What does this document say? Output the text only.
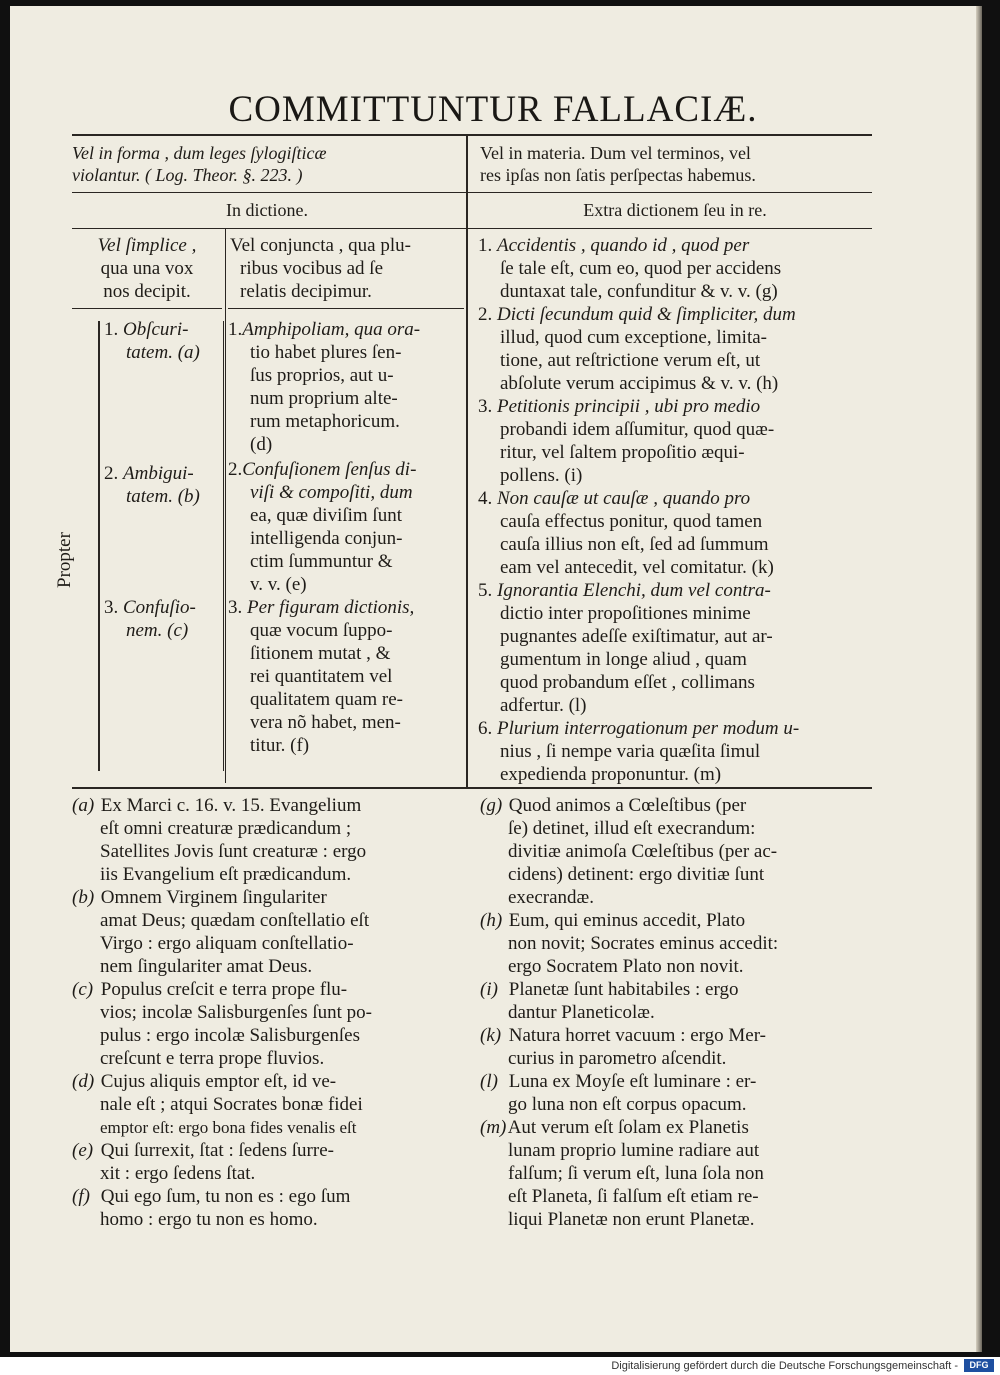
COMMITTUNTUR FALLACIÆ.
Vel in forma , dum leges ſylogiſticæ
violantur. ( Log. Theor. §. 223. )
Vel in materia. Dum vel terminos, vel
res ipſas non ſatis perſpectas habemus.
In dictione.	Extra dictionem ſeu in re.
Vel ſimplice ,
qua una vox
nos decipit.
Vel conjuncta , qua plu-
ribus vocibus ad ſe
relatis decipimur.
Propter
1. Obſcuri-
tatem. (a)
2. Ambigui-
tatem. (b)
3. Confuſio-
nem. (c)
1.Amphipoliam, qua ora-
tio habet plures ſen-
ſus proprios, aut u-
num proprium alte-
rum metaphoricum.
(d)
2.Confuſionem ſenſus di-
viſi & compoſiti, dum
ea, quæ diviſim ſunt
intelligenda conjun-
ctim ſummuntur &
v. v. (e)
3. Per figuram dictionis,
quæ vocum ſuppo-
ſitionem mutat , &
rei quantitatem vel
qualitatem quam re-
vera nõ habet, men-
titur. (f)
1. Accidentis , quando id , quod per
ſe tale eſt, cum eo, quod per accidens
duntaxat tale, confunditur & v. v. (g)
2. Dicti ſecundum quid & ſimpliciter, dum
illud, quod cum exceptione, limita-
tione, aut reſtrictione verum eſt, ut
abſolute verum accipimus & v. v. (h)
3. Petitionis principii , ubi pro medio
probandi idem aſſumitur, quod quæ-
ritur, vel ſaltem propoſitio æqui-
pollens. (i)
4. Non cauſæ ut cauſæ , quando pro
cauſa effectus ponitur, quod tamen
cauſa illius non eſt, ſed ad ſummum
eam vel antecedit, vel comitatur. (k)
5. Ignorantia Elenchi, dum vel contra-
dictio inter propoſitiones minime
pugnantes adeſſe exiſtimatur, aut ar-
gumentum in longe aliud , quam
quod probandum eſſet , collimans
adfertur. (l)
6. Plurium interrogationum per modum u-
nius , ſi nempe varia quæſita ſimul
expedienda proponuntur. (m)
(a) Ex Marci c. 16. v. 15. Evangelium
eſt omni creaturæ prædicandum ;
Satellites Jovis ſunt creaturæ : ergo
iis Evangelium eſt prædicandum.
(b) Omnem Virginem ſingulariter
amat Deus; quædam conſtellatio eſt
Virgo : ergo aliquam conſtellatio-
nem ſingulariter amat Deus.
(c) Populus creſcit e terra prope flu-
vios; incolæ Salisburgenſes ſunt po-
pulus : ergo incolæ Salisburgenſes
creſcunt e terra prope fluvios.
(d) Cujus aliquis emptor eſt, id ve-
nale eſt ; atqui Socrates bonæ fidei
emptor eſt: ergo bona fides venalis eſt
(e) Qui ſurrexit, ſtat : ſedens ſurre-
xit : ergo ſedens ſtat.
(f) Qui ego ſum, tu non es : ego ſum
homo : ergo tu non es homo.
(g) Quod animos a Cœleſtibus (per
ſe) detinet, illud eſt execrandum:
divitiæ animoſa Cœleſtibus (per ac-
cidens) detinent: ergo divitiæ ſunt
execrandæ.
(h) Eum, qui eminus accedit, Plato
non novit; Socrates eminus accedit:
ergo Socratem Plato non novit.
(i) Planetæ ſunt habitabiles : ergo
dantur Planeticolæ.
(k) Natura horret vacuum : ergo Mer-
curius in parometro aſcendit.
(l) Luna ex Moyſe eſt luminare : er-
go luna non eſt corpus opacum.
(m) Aut verum eſt ſolam ex Planetis
lunam proprio lumine radiare aut
falſum; ſi verum eſt, luna ſola non
eſt Planeta, ſi falſum eſt etiam re-
liqui Planetæ non erunt Planetæ.
Digitalisierung gefördert durch die Deutsche Forschungsgemeinschaft -	DFG
